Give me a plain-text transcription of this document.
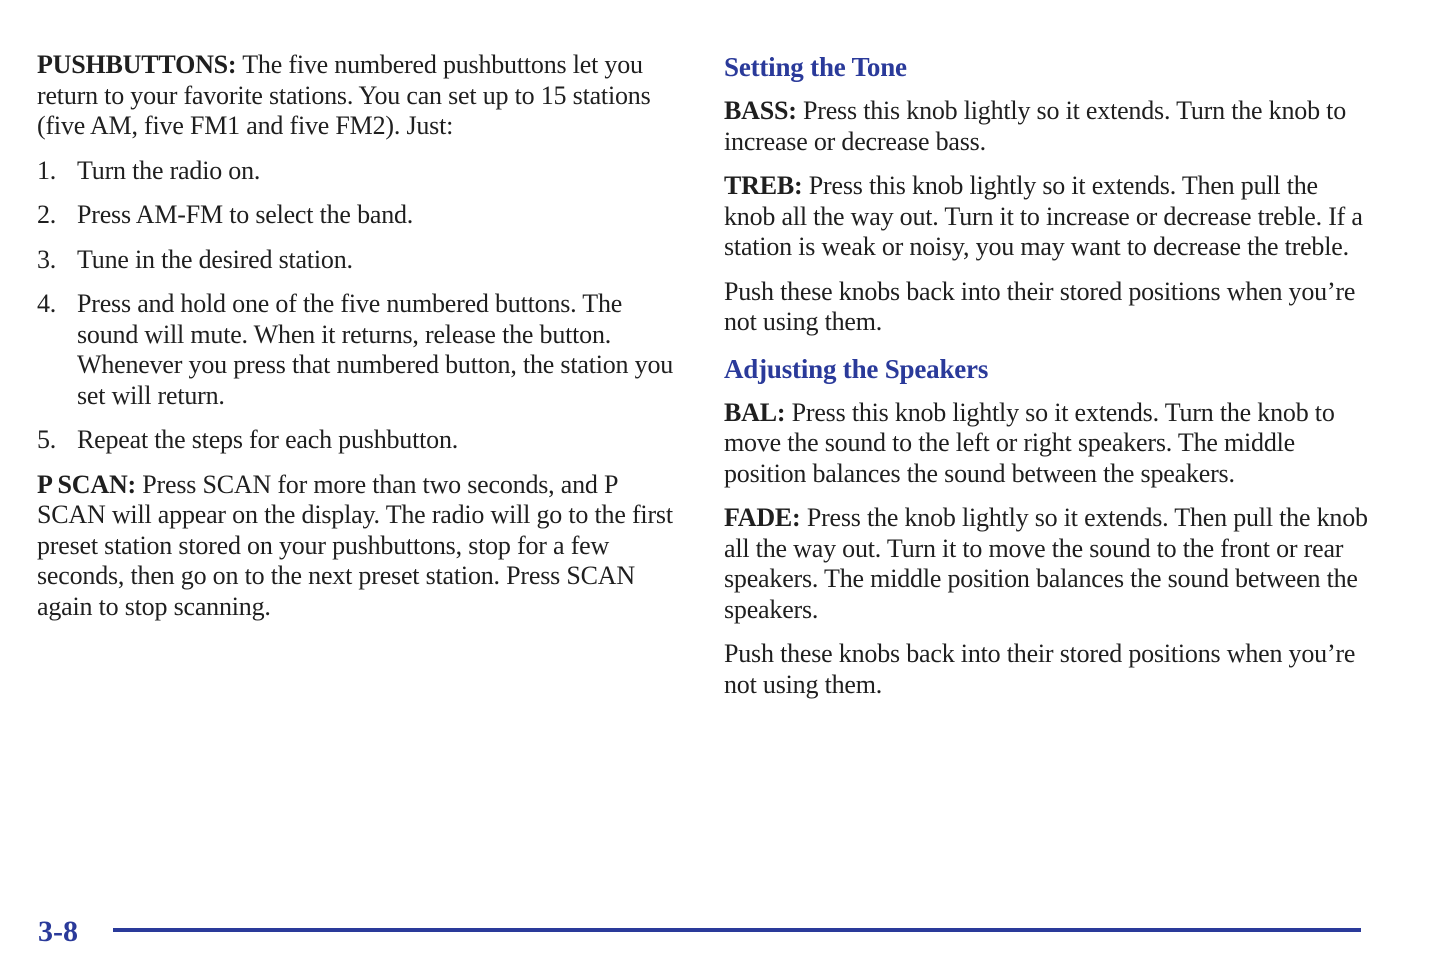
PUSHBUTTONS: The five numbered pushbuttons let you return to your favorite stations. You can set up to 15 stations (five AM, five FM1 and five FM2). Just:

1. Turn the radio on.
2. Press AM-FM to select the band.
3. Tune in the desired station.
4. Press and hold one of the five numbered buttons. The sound will mute. When it returns, release the button. Whenever you press that numbered button, the station you set will return.
5. Repeat the steps for each pushbutton.

P SCAN: Press SCAN for more than two seconds, and P SCAN will appear on the display. The radio will go to the first preset station stored on your pushbuttons, stop for a few seconds, then go on to the next preset station. Press SCAN again to stop scanning.

Setting the Tone

BASS: Press this knob lightly so it extends. Turn the knob to increase or decrease bass.

TREB: Press this knob lightly so it extends. Then pull the knob all the way out. Turn it to increase or decrease treble. If a station is weak or noisy, you may want to decrease the treble.

Push these knobs back into their stored positions when you’re not using them.

Adjusting the Speakers

BAL: Press this knob lightly so it extends. Turn the knob to move the sound to the left or right speakers. The middle position balances the sound between the speakers.

FADE: Press the knob lightly so it extends. Then pull the knob all the way out. Turn it to move the sound to the front or rear speakers. The middle position balances the sound between the speakers.

Push these knobs back into their stored positions when you’re not using them.

3-8
